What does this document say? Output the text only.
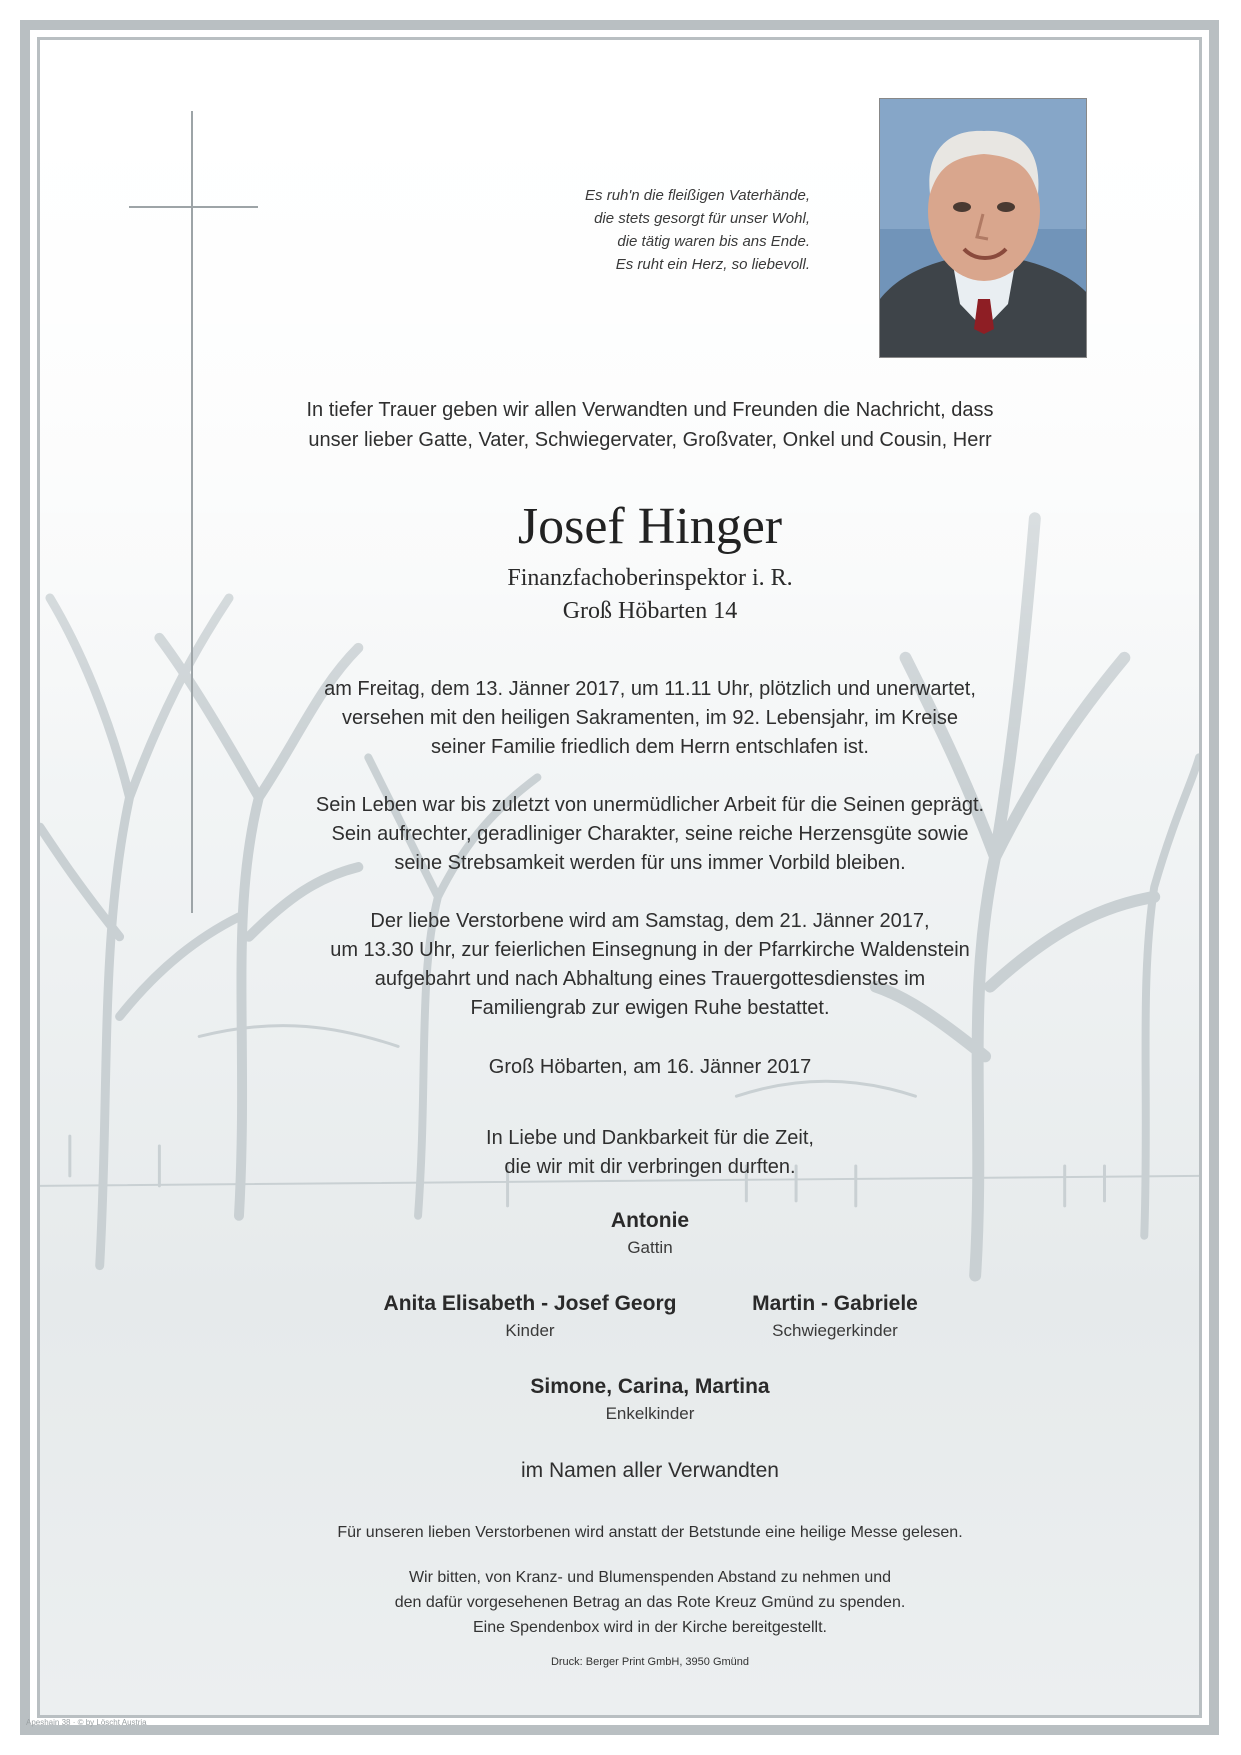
Es ruh'n die fleißigen Vaterhände,
die stets gesorgt für unser Wohl,
die tätig waren bis ans Ende.
Es ruht ein Herz, so liebevoll.
In tiefer Trauer geben wir allen Verwandten und Freunden die Nachricht, dass
unser lieber Gatte, Vater, Schwiegervater, Großvater, Onkel und Cousin, Herr
Josef Hinger
Finanzfachoberinspektor i. R.
Groß Höbarten 14
am Freitag, dem 13. Jänner 2017, um 11.11 Uhr, plötzlich und unerwartet,
versehen mit den heiligen Sakramenten, im 92. Lebensjahr, im Kreise
seiner Familie friedlich dem Herrn entschlafen ist.
Sein Leben war bis zuletzt von unermüdlicher Arbeit für die Seinen geprägt.
Sein aufrechter, geradliniger Charakter, seine reiche Herzensgüte sowie
seine Strebsamkeit werden für uns immer Vorbild bleiben.
Der liebe Verstorbene wird am Samstag, dem 21. Jänner 2017,
um 13.30 Uhr, zur feierlichen Einsegnung in der Pfarrkirche Waldenstein
aufgebahrt und nach Abhaltung eines Trauergottesdienstes im
Familiengrab zur ewigen Ruhe bestattet.
Groß Höbarten, am 16. Jänner 2017
In Liebe und Dankbarkeit für die Zeit,
die wir mit dir verbringen durften.
Antonie
Gattin
Anita Elisabeth - Josef Georg
Kinder
Martin - Gabriele
Schwiegerkinder
Simone, Carina, Martina
Enkelkinder
im Namen aller Verwandten
Für unseren lieben Verstorbenen wird anstatt der Betstunde eine heilige Messe gelesen.
Wir bitten, von Kranz- und Blumenspenden Abstand zu nehmen und
den dafür vorgesehenen Betrag an das Rote Kreuz Gmünd zu spenden.
Eine Spendenbox wird in der Kirche bereitgestellt.
Druck: Berger Print GmbH, 3950 Gmünd
Apeshain 38 · © by Löscht Austria
